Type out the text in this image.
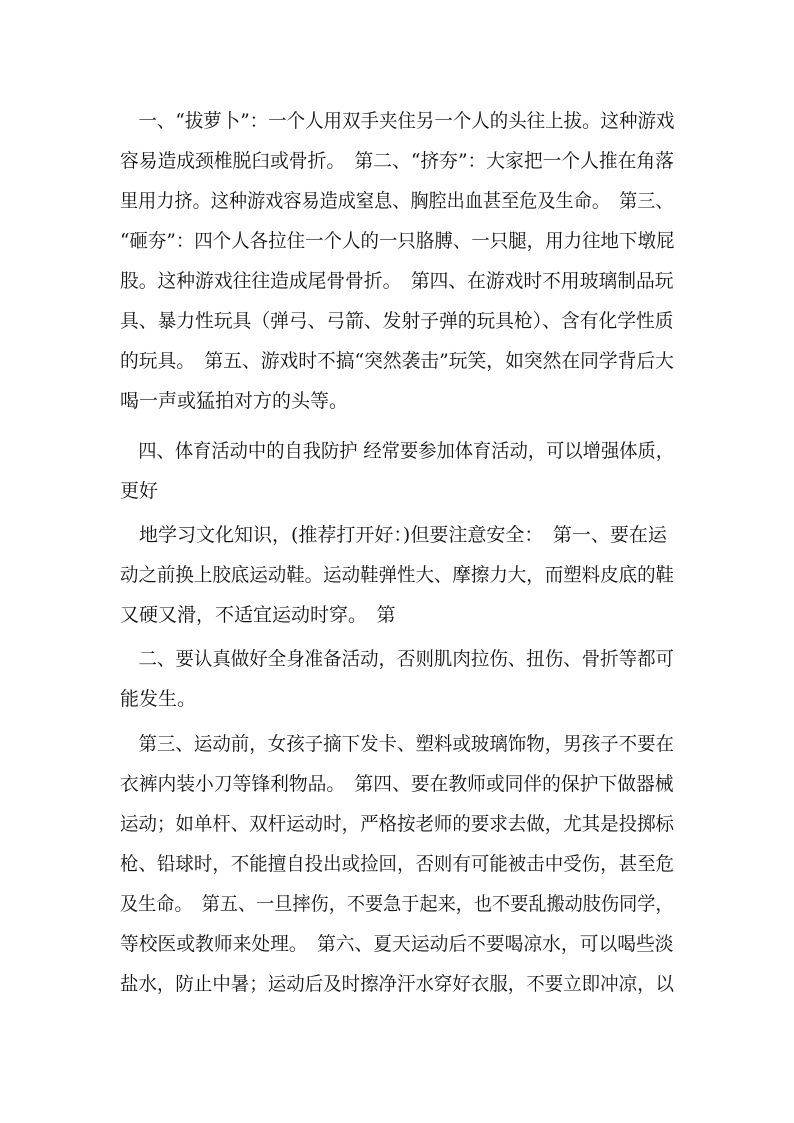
　一、“拔萝卜”：一个人用双手夹住另一个人的头往上拔。这种游戏
容易造成颈椎脱臼或骨折。　第二、“挤夯”：大家把一个人推在角落
里用力挤。这种游戏容易造成窒息、胸腔出血甚至危及生命。　第三、
“砸夯”：四个人各拉住一个人的一只胳膊、一只腿，用力往地下墩屁
股。这种游戏往往造成尾骨骨折。　第四、在游戏时不用玻璃制品玩
具、暴力性玩具（弹弓、弓箭、发射子弹的玩具枪）、含有化学性质
的玩具。　第五、游戏时不搞“突然袭击”玩笑，如突然在同学背后大
喝一声或猛拍对方的头等。
　四、体育活动中的自我防护 经常要参加体育活动，可以增强体质，
更好
　地学习文化知识，(推荐打开好：)但要注意安全：　第一、要在运
动之前换上胶底运动鞋。运动鞋弹性大、摩擦力大，而塑料皮底的鞋
又硬又滑，不适宜运动时穿。　第
　二、要认真做好全身准备活动，否则肌肉拉伤、扭伤、骨折等都可
能发生。
　第三、运动前，女孩子摘下发卡、塑料或玻璃饰物，男孩子不要在
衣裤内装小刀等锋利物品。　第四、要在教师或同伴的保护下做器械
运动；如单杆、双杆运动时，严格按老师的要求去做，尤其是投掷标
枪、铅球时，不能擅自投出或捡回，否则有可能被击中受伤，甚至危
及生命。　第五、一旦摔伤，不要急于起来，也不要乱搬动肢伤同学，
等校医或教师来处理。　第六、夏天运动后不要喝凉水，可以喝些淡
盐水，防止中暑；运动后及时擦净汗水穿好衣服，不要立即冲凉，以
